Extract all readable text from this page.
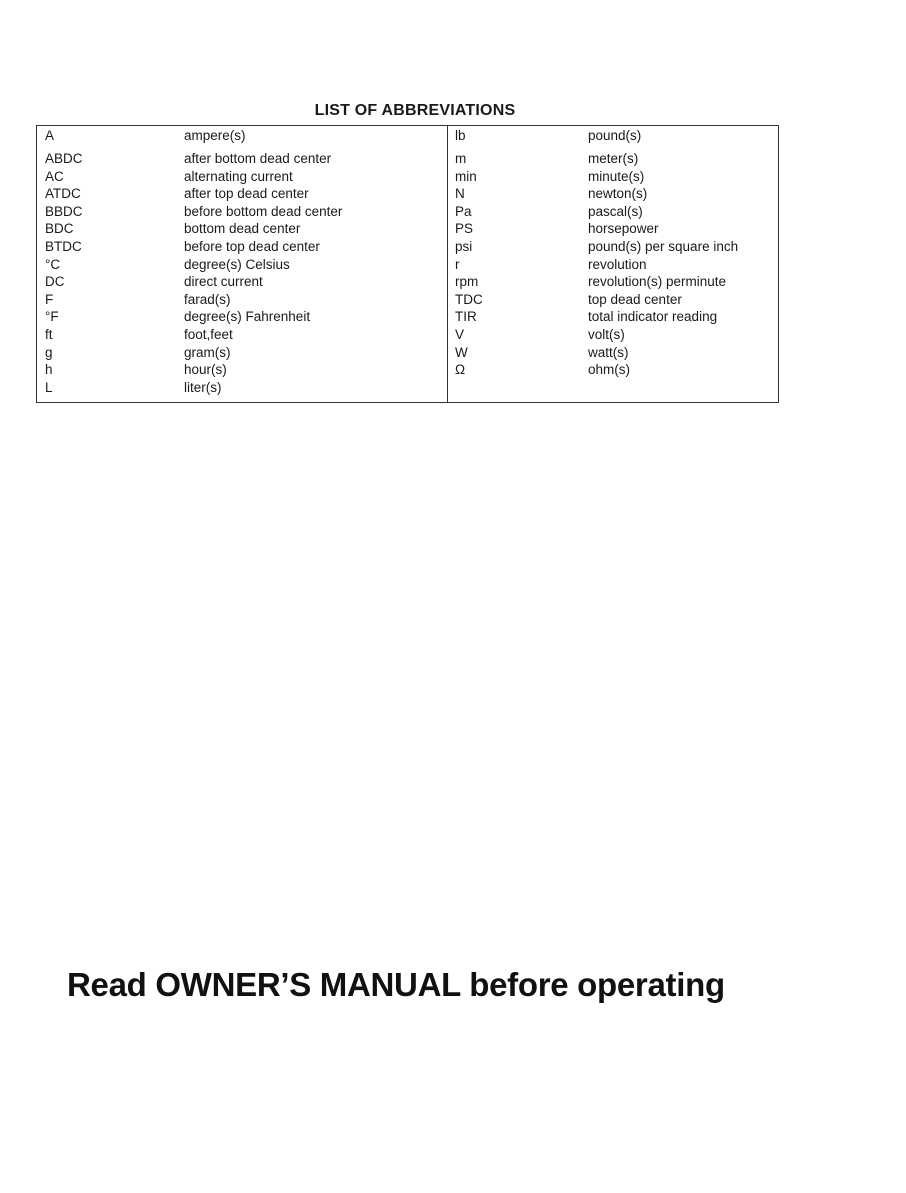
LIST OF ABBREVIATIONS
A	ampere(s)
ABDC	after bottom dead center
AC	alternating current
ATDC	after top dead center
BBDC	before bottom dead center
BDC	bottom dead center
BTDC	before top dead center
°C	degree(s) Celsius
DC	direct current
F	farad(s)
°F	degree(s) Fahrenheit
ft	foot,feet
g	gram(s)
h	hour(s)
L	liter(s)
lb	pound(s)
m	meter(s)
min	minute(s)
N	newton(s)
Pa	pascal(s)
PS	horsepower
psi	pound(s) per square inch
r	revolution
rpm	revolution(s) perminute
TDC	top dead center
TIR	total indicator reading
V	volt(s)
W	watt(s)
Ω	ohm(s)
Read OWNER’S MANUAL before operating
